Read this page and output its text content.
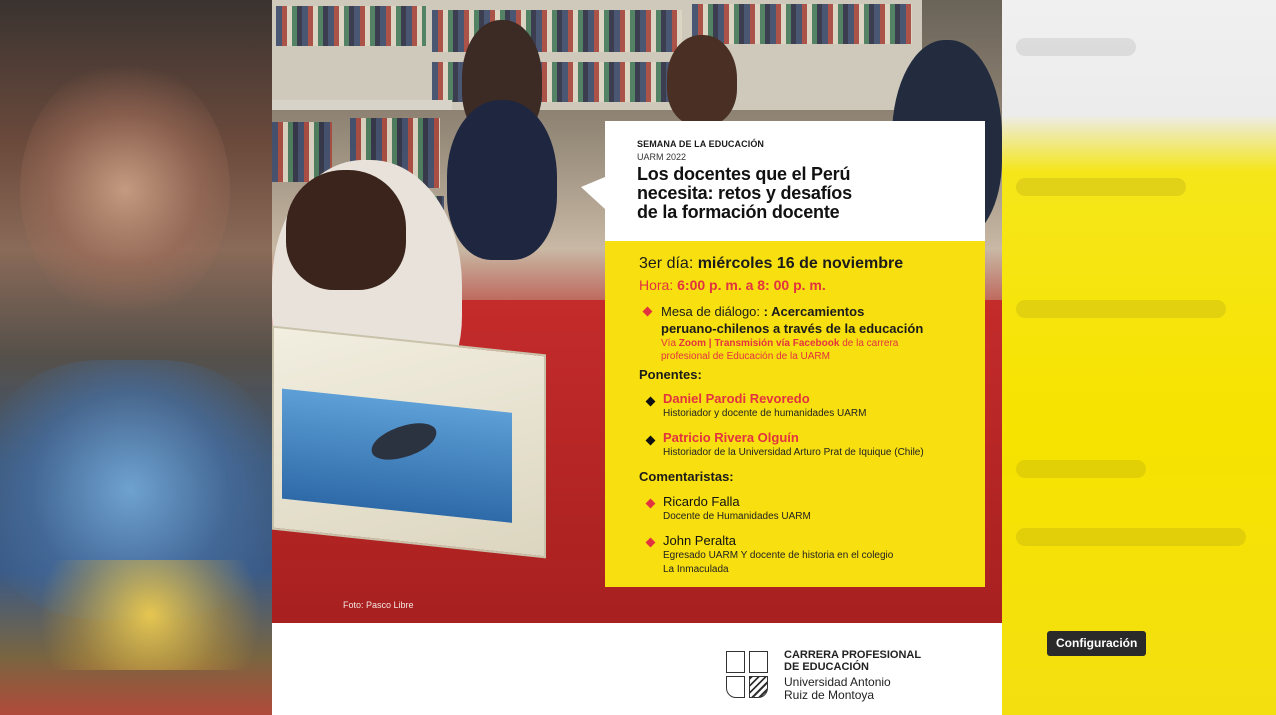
Foto: Pasco Libre
SEMANA DE LA EDUCACIÓN
UARM 2022
Los docentes que el Perú
necesita: retos y desafíos
de la formación docente
3er día: miércoles 16 de noviembre
Hora: 6:00 p. m. a 8: 00 p. m.
Mesa de diálogo: : Acercamientos
peruano-chilenos a través de la educación
Vía Zoom | Transmisión vía Facebook de la carrera
profesional de Educación de la UARM
Ponentes:
Daniel Parodi Revoredo
Historiador y docente de humanidades UARM
Patricio Rivera Olguín
Historiador de la Universidad Arturo Prat de Iquique (Chile)
Comentaristas:
Ricardo Falla
Docente de Humanidades UARM
John Peralta
Egresado UARM Y docente de historia en el colegio
La Inmaculada
CARRERA PROFESIONAL
DE EDUCACIÓN
Universidad Antonio
Ruiz de Montoya
Configuración
